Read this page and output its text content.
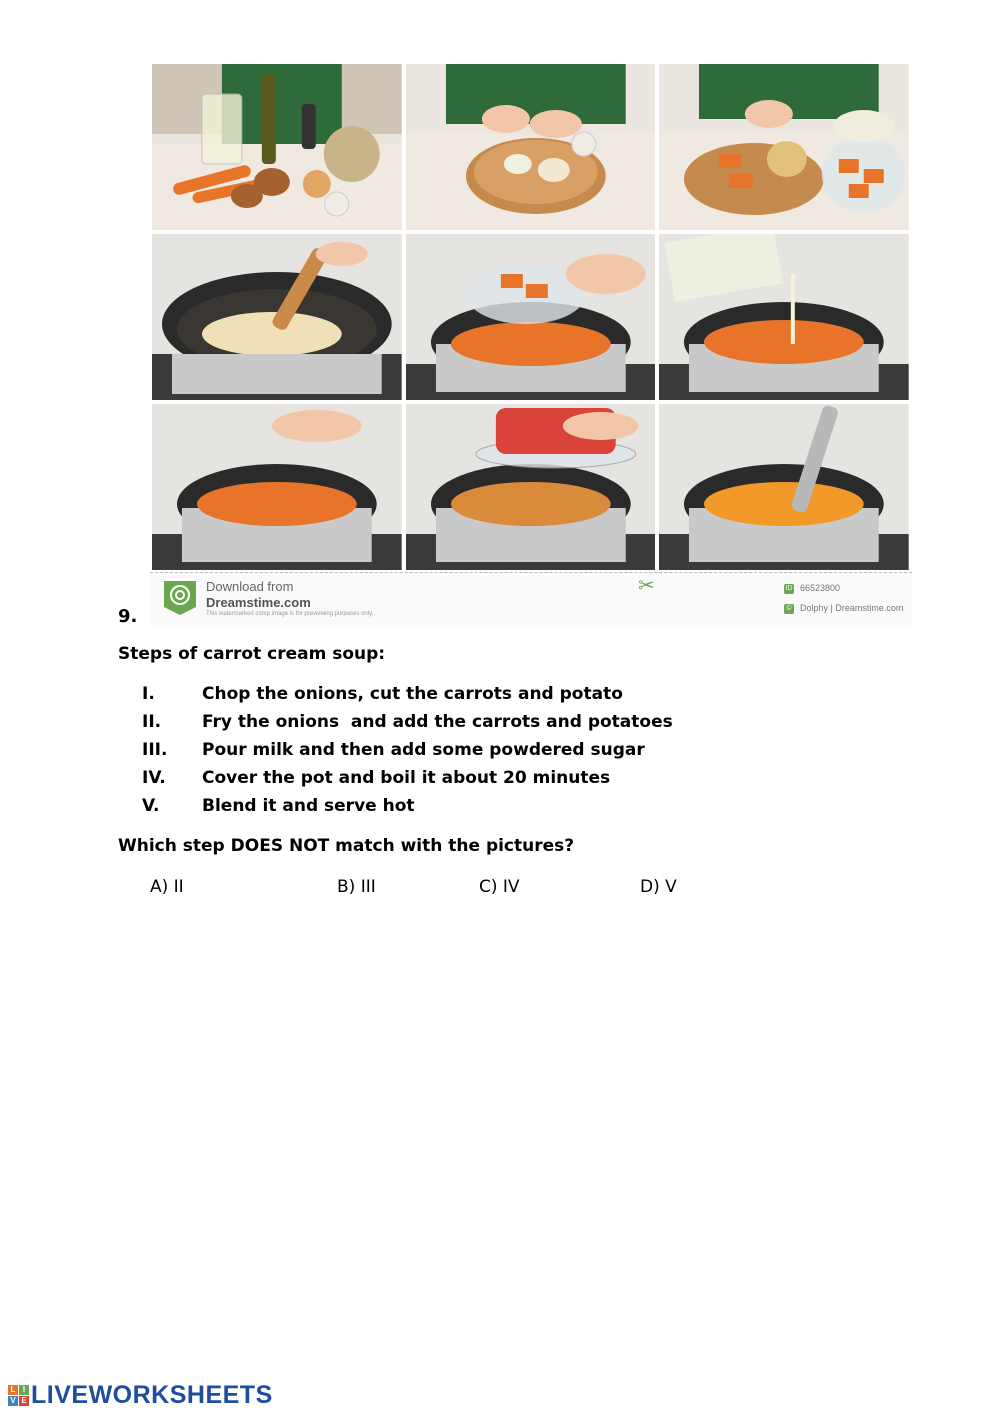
Download from
Dreamstime.com
This watermarked comp image is for previewing purposes only.
✂	ID 66523800
© Dolphy | Dreamstime.com
9.
Steps of carrot cream soup:
I.	Chop the onions, cut the carrots and potato
II. Fry the onions  and add the carrots and potatoes
III. Pour milk and then add some powdered sugar
IV. Cover the pot and boil it about 20 minutes
V.	Blend it and serve hot
Which step DOES NOT match with the pictures?
A) II	B) III	C) IV	D) V
L I
V E LIVEWORKSHEETS
